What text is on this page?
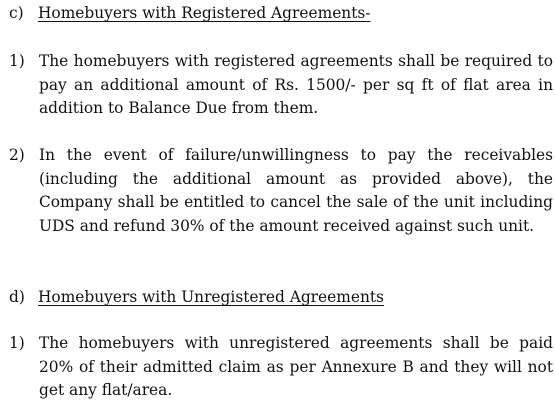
c) Homebuyers with Registered Agreements-
1) The homebuyers with registered agreements shall be required to pay an additional amount of Rs. 1500/- per sq ft of flat area in addition to Balance Due from them.
2) In the event of failure/unwillingness to pay the receivables (including the additional amount as provided above), the Company shall be entitled to cancel the sale of the unit including UDS and refund 30% of the amount received against such unit.
d) Homebuyers with Unregistered Agreements
1) The homebuyers with unregistered agreements shall be paid 20% of their admitted claim as per Annexure B and they will not get any flat/area.
